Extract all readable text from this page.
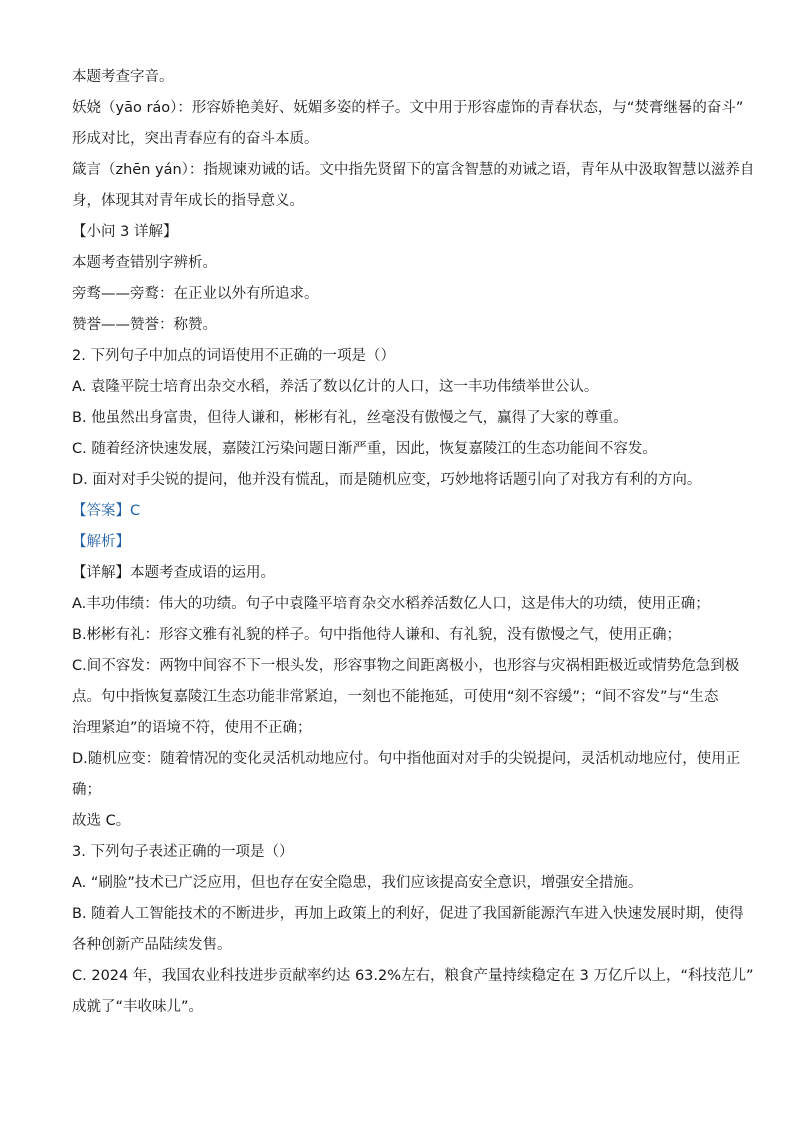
本题考查字音。
妖娆（yāo ráo）：形容娇艳美好、妩媚多姿的样子。文中用于形容虚饰的青春状态，与“焚膏继晷的奋斗”
形成对比，突出青春应有的奋斗本质。
箴言（zhēn yán）：指规谏劝诫的话。文中指先贤留下的富含智慧的劝诫之语，青年从中汲取智慧以滋养自
身，体现其对青年成长的指导意义。
【小问 3 详解】
本题考查错别字辨析。
旁骛——旁鹜：在正业以外有所追求。
赞誉——赞誉：称赞。
2. 下列句子中加点的词语使用不正确的一项是（）
A. 袁隆平院士培育出杂交水稻，养活了数以亿计的人口，这一丰功伟绩举世公认。
B. 他虽然出身富贵，但待人谦和，彬彬有礼，丝毫没有傲慢之气，赢得了大家的尊重。
C. 随着经济快速发展，嘉陵江污染问题日渐严重，因此，恢复嘉陵江的生态功能间不容发。
D. 面对对手尖锐的提问，他并没有慌乱，而是随机应变，巧妙地将话题引向了对我方有利的方向。
【答案】C
【解析】
【详解】本题考查成语的运用。
A.丰功伟绩：伟大的功绩。句子中袁隆平培育杂交水稻养活数亿人口，这是伟大的功绩，使用正确；
B.彬彬有礼：形容文雅有礼貌的样子。句中指他待人谦和、有礼貌，没有傲慢之气，使用正确；
C.间不容发：两物中间容不下一根头发，形容事物之间距离极小，也形容与灾祸相距极近或情势危急到极
点。句中指恢复嘉陵江生态功能非常紧迫，一刻也不能拖延，可使用“刻不容缓”；“间不容发”与“生态
治理紧迫”的语境不符，使用不正确；
D.随机应变：随着情况的变化灵活机动地应付。句中指他面对对手的尖锐提问，灵活机动地应付，使用正
确；
故选 C。
3. 下列句子表述正确的一项是（）
A. “刷脸”技术已广泛应用，但也存在安全隐患，我们应该提高安全意识，增强安全措施。
B. 随着人工智能技术的不断进步，再加上政策上的利好，促进了我国新能源汽车进入快速发展时期，使得
各种创新产品陆续发售。
C. 2024 年，我国农业科技进步贡献率约达 63.2%左右，粮食产量持续稳定在 3 万亿斤以上，“科技范儿”
成就了“丰收味儿”。
